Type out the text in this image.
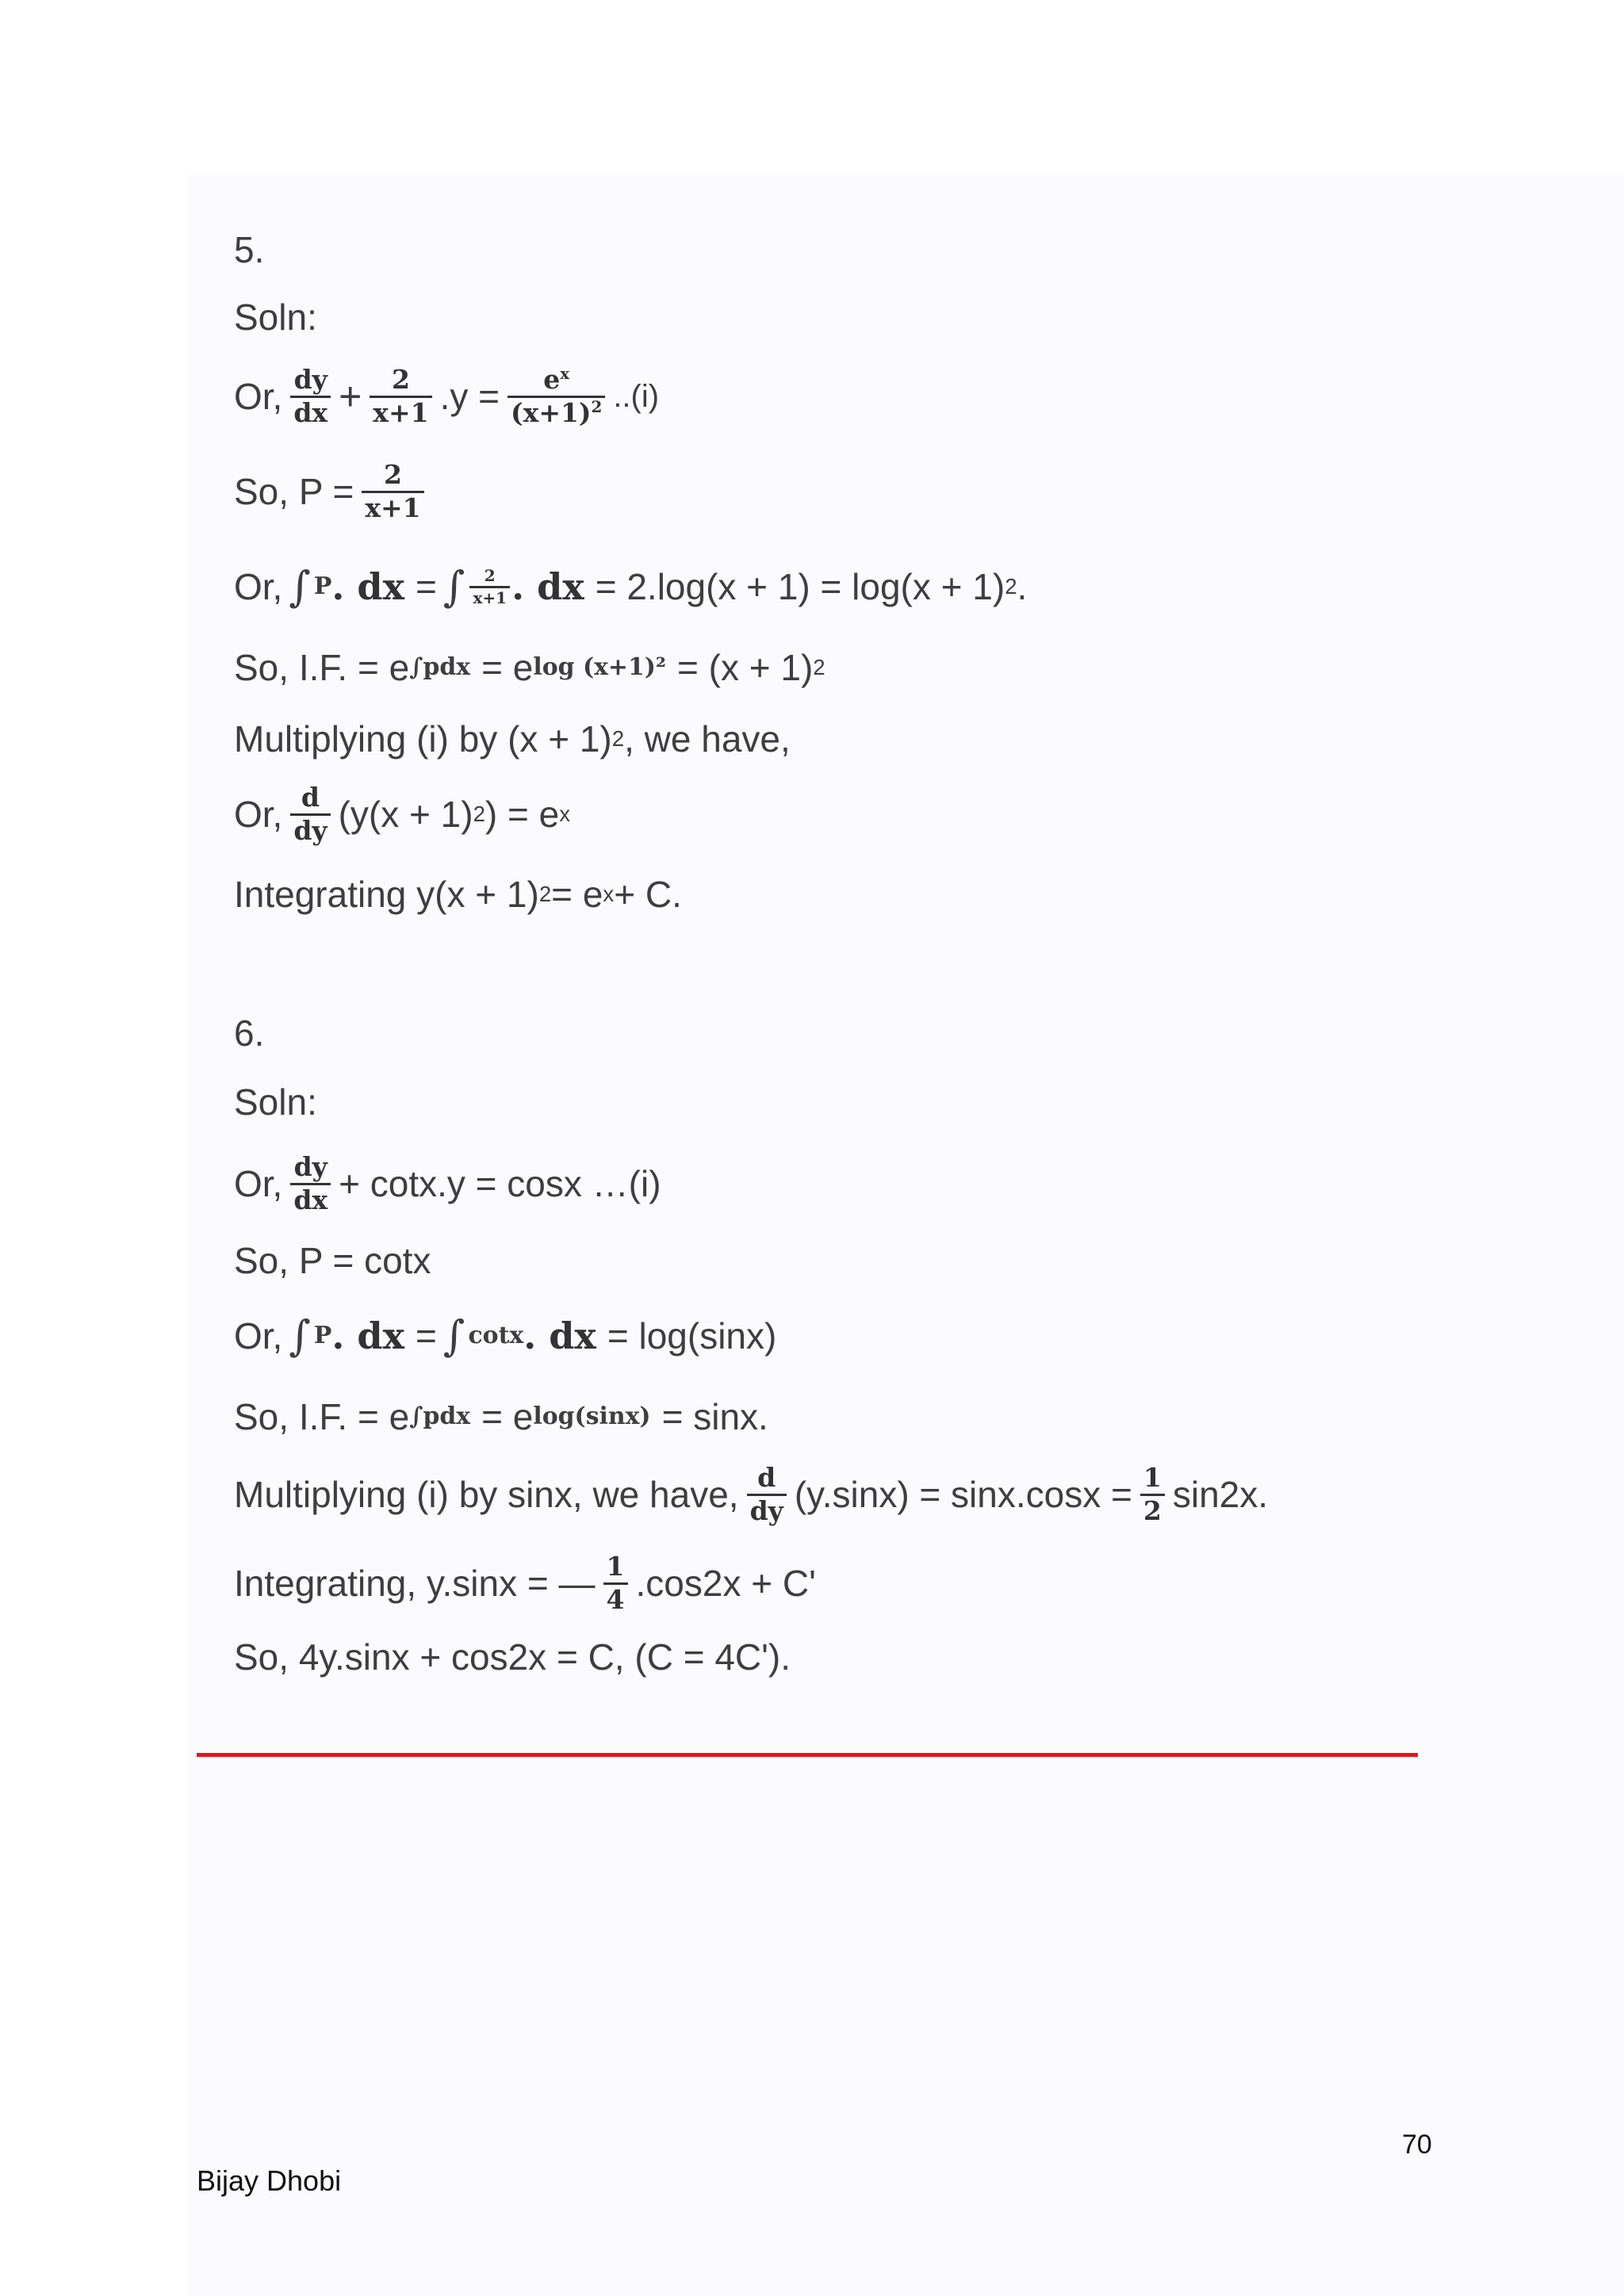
5.
Soln:
Or, $\frac{dy}{dx} + \frac{2}{x+1} .y = \frac{e^x}{(x+1)^2} ..(i)$
So, $P = \frac{2}{x+1}$
Or, ∫ P . dx = ∫ $\frac{2}{x+1}$ . dx = 2.log(x + 1) = log(x + 1) 2 .
So, I.F. = e ∫pdx = e log (x+1)² = (x + 1) 2
Multiplying (i) by (x + 1) 2 , we have,
Or, $\frac{d}{dy} (y(x + 1)$ 2 ) = e x
Integrating y(x + 1) 2 = e x + C.
6.
Soln:
Or, $\frac{dy}{dx} + \cot x.y = \cos x$ …(i)
So, P = cotx
Or, ∫ P . dx = ∫ cotx . dx = log(sinx)
So, I.F. = e ∫pdx = e log(sinx) = sinx.
Multiplying (i) by sinx, we have, $\frac{d}{dy} (y.\sin x) = \sin x.\cos x = \frac{1}{2} \sin 2x$.
Integrating, y.sinx = — $\frac{1}{4} .\cos 2x + C'$
So, 4y.sinx + cos2x = C, (C = 4C').
70
Bijay Dhobi
